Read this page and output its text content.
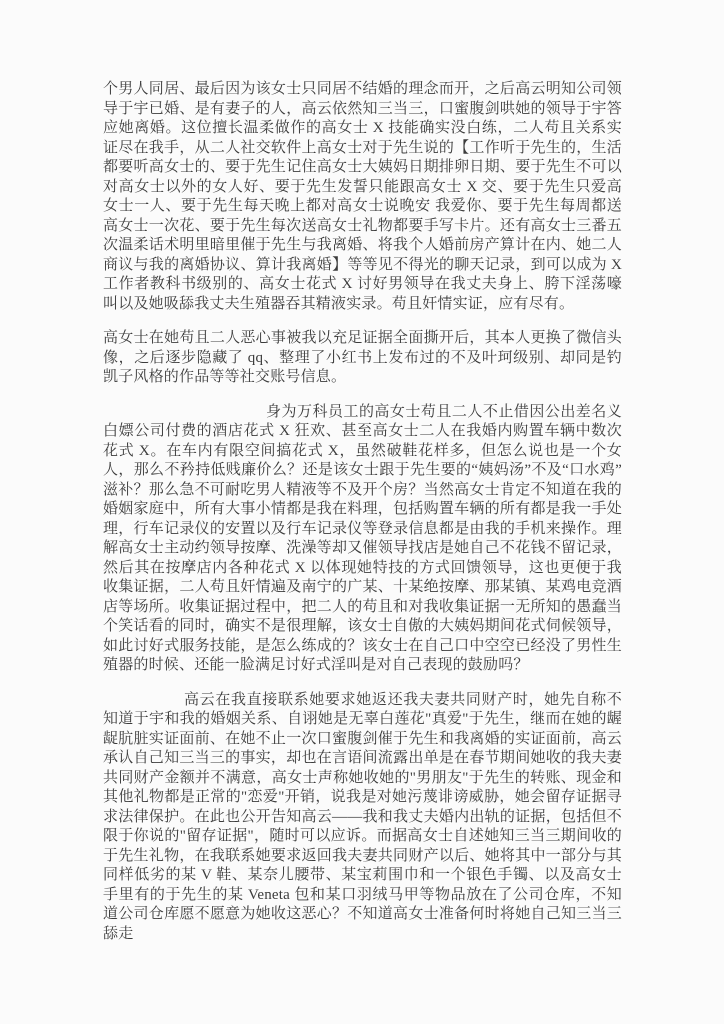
个男人同居、最后因为该女士只同居不结婚的理念而开，之后高云明知公司领导于宇已婚、是有妻子的人，高云依然知三当三，口蜜腹剑哄她的领导于宇答应她离婚。这位擅长温柔做作的高女士 X 技能确实没白练，二人苟且关系实证尽在我手，从二人社交软件上高女士对于先生说的【工作听于先生的，生活都要听高女士的、要于先生记住高女士大姨妈日期排卵日期、要于先生不可以对高女士以外的女人好、要于先生发誓只能跟高女士 X 交、要于先生只爱高女士一人、要于先生每天晚上都对高女士说晚安 我爱你、要于先生每周都送高女士一次花、要于先生每次送高女士礼物都要手写卡片。还有高女士三番五次温柔话术明里暗里催于先生与我离婚、将我个人婚前房产算计在内、她二人商议与我的离婚协议、算计我离婚】等等见不得光的聊天记录，到可以成为 X 工作者教科书级别的、高女士花式 X 讨好男领导在我丈夫身上、胯下淫荡嚎叫以及她吸舔我丈夫生殖器吞其精液实录。苟且奸情实证，应有尽有。

高女士在她苟且二人恶心事被我以充足证据全面撕开后，其本人更换了微信头像，之后逐步隐藏了 qq、整理了小红书上发布过的不及叶珂级别、却同是钓凯子风格的作品等等社交账号信息。

身为万科员工的高女士苟且二人不止借因公出差名义白嫖公司付费的酒店花式 X 狂欢、甚至高女士二人在我婚内购置车辆中数次花式 X。在车内有限空间搞花式 X，虽然破鞋花样多，但怎么说也是一个女人，那么不矜持低贱廉价么？还是该女士跟于先生要的“姨妈汤”不及“口水鸡”滋补？那么急不可耐吃男人精液等不及开个房？当然高女士肯定不知道在我的婚姻家庭中，所有大事小情都是我在料理，包括购置车辆的所有都是我一手处理，行车记录仪的安置以及行车记录仪等登录信息都是由我的手机来操作。理解高女士主动约领导按摩、洗澡等却又催领导找店是她自己不花钱不留记录，然后其在按摩店内各种花式 X 以体现她特技的方式回馈领导，这也更便于我收集证据，二人苟且奸情遍及南宁的广某、十某绝按摩、那某镇、某鸡电竞酒店等场所。收集证据过程中，把二人的苟且和对我收集证据一无所知的愚蠢当个笑话看的同时，确实不是很理解，该女士自傲的大姨妈期间花式伺候领导，如此讨好式服务技能，是怎么练成的？该女士在自己口中空空已经没了男性生殖器的时候、还能一脸满足讨好式淫叫是对自己表现的鼓励吗？

高云在我直接联系她要求她返还我夫妻共同财产时，她先自称不知道于宇和我的婚姻关系、自诩她是无辜白莲花"真爱"于先生，继而在她的龌龊肮脏实证面前、在她不止一次口蜜腹剑催于先生和我离婚的实证面前，高云承认自己知三当三的事实，却也在言语间流露出单是在春节期间她收的我夫妻共同财产金额并不满意，高女士声称她收她的"男朋友"于先生的转账、现金和其他礼物都是正常的"恋爱"开销，说我是对她污蔑诽谤威胁，她会留存证据寻求法律保护。在此也公开告知高云——我和我丈夫婚内出轨的证据，包括但不限于你说的"留存证据"，随时可以应诉。而据高女士自述她知三当三期间收的于先生礼物，在我联系她要求返回我夫妻共同财产以后、她将其中一部分与其同样低劣的某 V 鞋、某奈儿腰带、某宝莉围巾和一个银色手镯、以及高女士手里有的于先生的某 Veneta 包和某口羽绒马甲等物品放在了公司仓库，不知道公司仓库愿不愿意为她收这恶心？不知道高女士准备何时将她自己知三当三舔走
